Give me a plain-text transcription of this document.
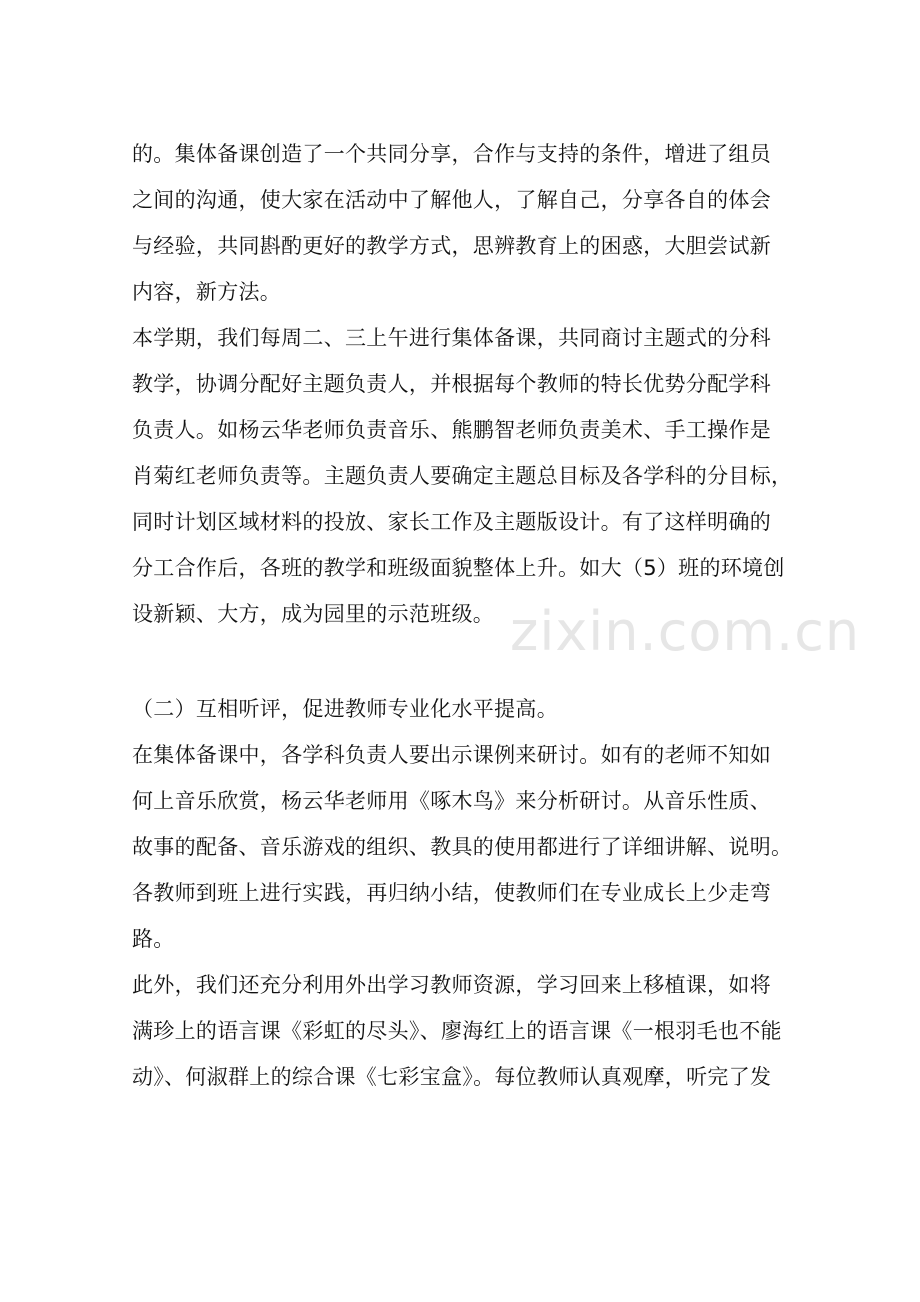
zixin.com.cn
的。集体备课创造了一个共同分享，合作与支持的条件，增进了组员
之间的沟通，使大家在活动中了解他人，了解自己，分享各自的体会
与经验，共同斟酌更好的教学方式，思辨教育上的困惑，大胆尝试新
内容，新方法。
本学期，我们每周二、三上午进行集体备课，共同商讨主题式的分科
教学，协调分配好主题负责人，并根据每个教师的特长优势分配学科
负责人。如杨云华老师负责音乐、熊鹏智老师负责美术、手工操作是
肖菊红老师负责等。主题负责人要确定主题总目标及各学科的分目标，
同时计划区域材料的投放、家长工作及主题版设计。有了这样明确的
分工合作后，各班的教学和班级面貌整体上升。如大（5）班的环境创
设新颖、大方，成为园里的示范班级。
（二）互相听评，促进教师专业化水平提高。
在集体备课中，各学科负责人要出示课例来研讨。如有的老师不知如
何上音乐欣赏，杨云华老师用《啄木鸟》来分析研讨。从音乐性质、
故事的配备、音乐游戏的组织、教具的使用都进行了详细讲解、说明。
各教师到班上进行实践，再归纳小结，使教师们在专业成长上少走弯
路。
此外，我们还充分利用外出学习教师资源，学习回来上移植课，如将
满珍上的语言课《彩虹的尽头》、廖海红上的语言课《一根羽毛也不能
动》、何淑群上的综合课《七彩宝盒》。每位教师认真观摩，听完了发
